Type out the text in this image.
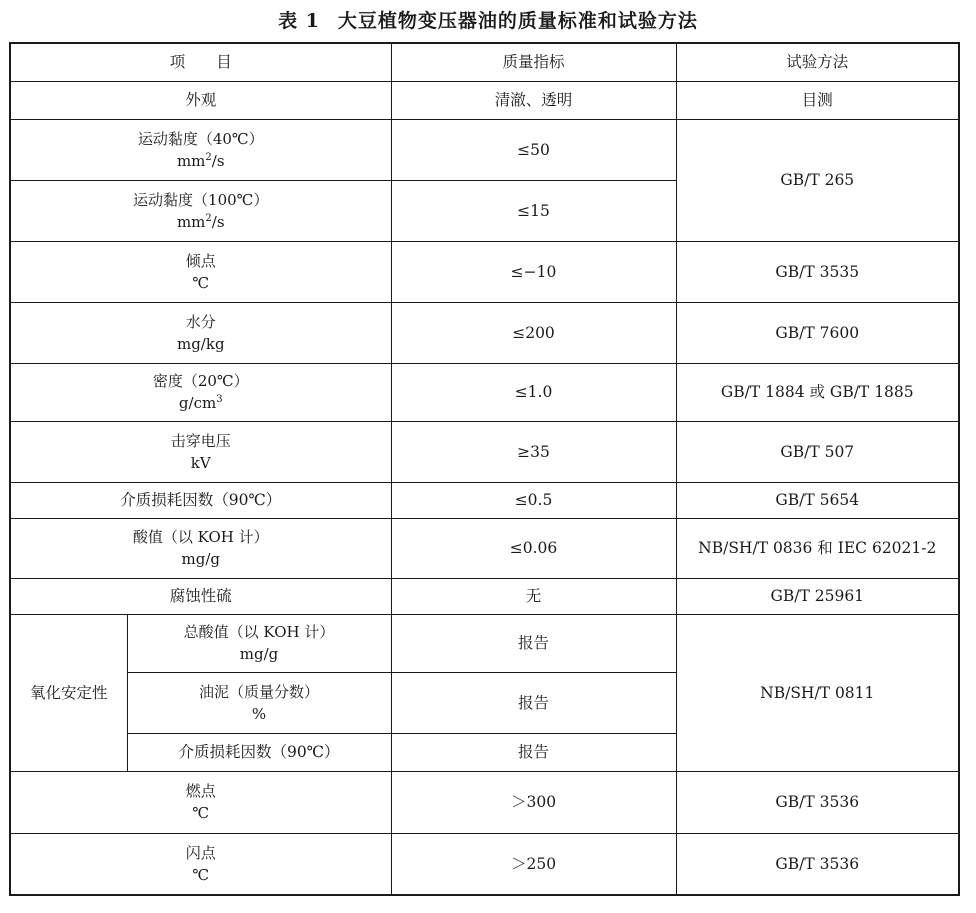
表 1 大豆植物变压器油的质量标准和试验方法
项　　目		质量指标	试验方法
外观		清澈、透明	目测

运动黏度（40℃）
$mm^2/s$		≤50	GB/T 265

运动黏度（100℃）
$mm^2/s$		≤15	

倾点
℃		≤−10	GB/T 3535

水分
mg/kg		≤200	GB/T 7600

密度（20℃）
$g/cm^3$		≤1.0	GB/T 1884 或 GB/T 1885

击穿电压
kV		≥35	GB/T 507
介质损耗因数（90℃）		≤0.5	GB/T 5654

酸值（以 KOH 计）
mg/g		≤0.06	NB/SH/T 0836 和 IEC 62021-2
腐蚀性硫		无	GB/T 25961
氧化安定性	总酸值（以 KOH 计）
mg/g	报告	NB/SH/T 0811

	油泥（质量分数）
%	报告	
	介质损耗因数（90℃）	报告	

燃点
℃		＞300	GB/T 3536

闪点
℃		＞250	GB/T 3536
